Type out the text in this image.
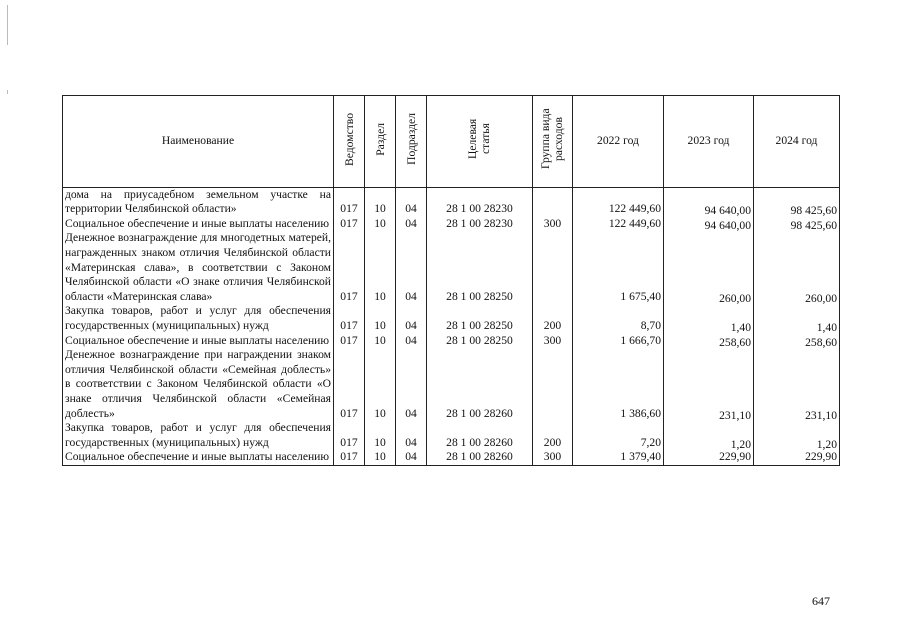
Наименование	Ведомство	Раздел	Подраздел	Целевая статья	Группа вида расходов	2022 год	2023 год	2024 год
дома на приусадебном земельном участке на территории Челябинской области»	017	10	04	28 1 00 28230		122 449,60	94 640,00	98 425,60
Социальное обеспечение и иные выплаты населению	017	10	04	28 1 00 28230	300	122 449,60	94 640,00	98 425,60
Денежное вознаграждение для многодетных матерей, награжденных знаком отличия Челябинской области «Материнская слава», в соответствии с Законом Челябинской области «О знаке отличия Челябинской области «Материнская слава»	017	10	04	28 1 00 28250		1 675,40	260,00	260,00
Закупка товаров, работ и услуг для обеспечения государственных (муниципальных) нужд	017	10	04	28 1 00 28250	200	8,70	1,40	1,40
Социальное обеспечение и иные выплаты населению	017	10	04	28 1 00 28250	300	1 666,70	258,60	258,60
Денежное вознаграждение при награждении знаком отличия Челябинской области «Семейная доблесть» в соответствии с Законом Челябинской области «О знаке отличия Челябинской области «Семейная доблесть»	017	10	04	28 1 00 28260		1 386,60	231,10	231,10
Закупка товаров, работ и услуг для обеспечения государственных (муниципальных) нужд	017	10	04	28 1 00 28260	200	7,20	1,20	1,20
Социальное обеспечение и иные выплаты населению	017	10	04	28 1 00 28260	300	1 379,40	229,90	229,90
647
